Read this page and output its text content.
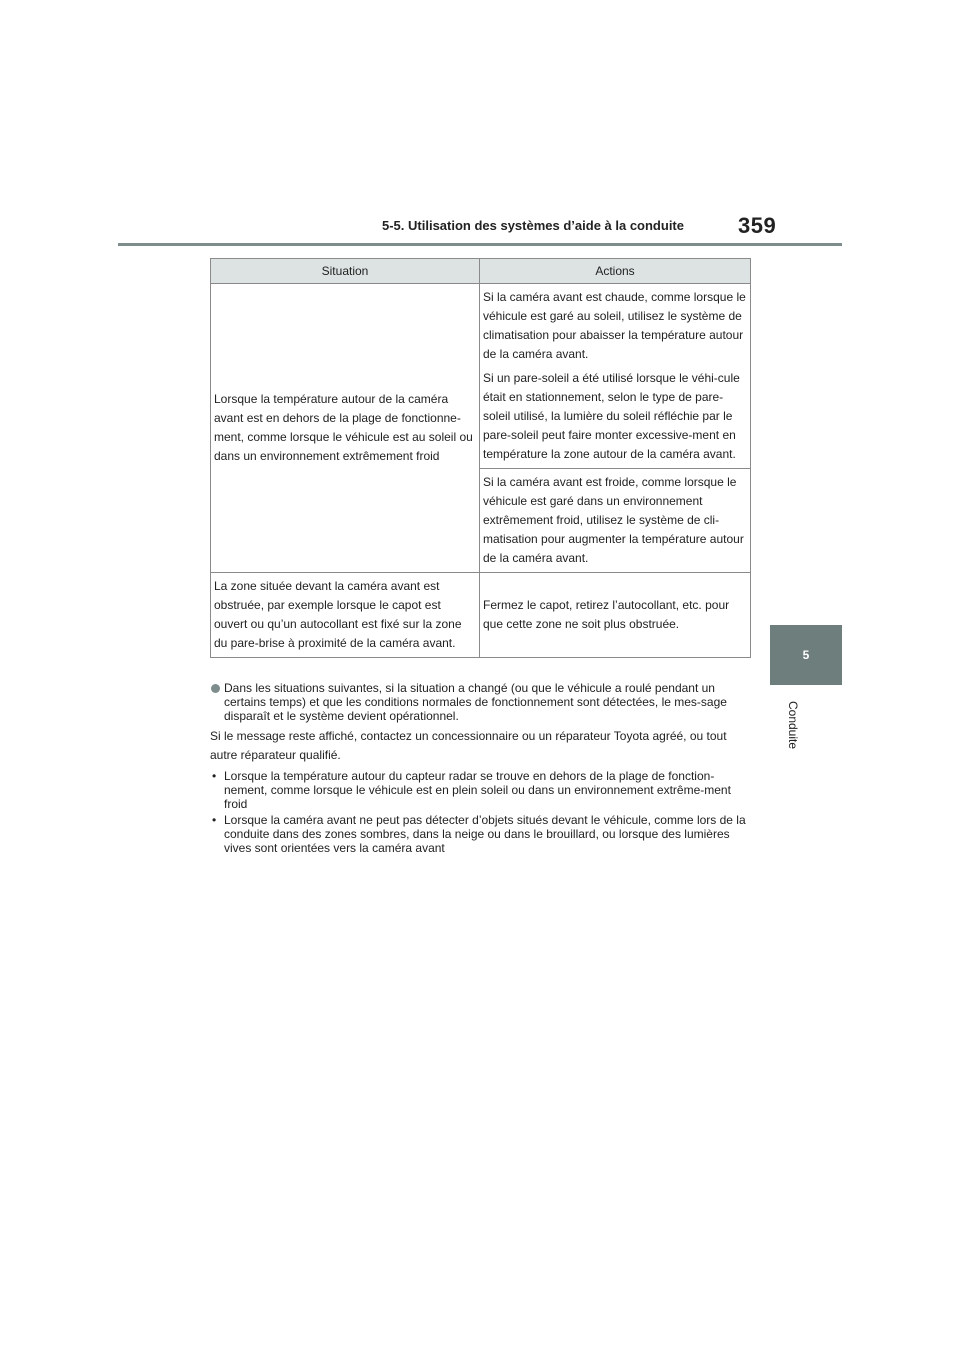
5-5. Utilisation des systèmes d’aide à la conduite 359
5
Conduite
Situation	Actions

Lorsque la température autour de la caméra avant est en dehors de la plage de fonctionne-ment, comme lorsque le véhicule est au soleil ou dans un environnement extrêmement froid	Si la caméra avant est chaude, comme lorsque le véhicule est garé au soleil, utilisez le système de climatisation pour abaisser la température autour de la caméra avant.

Si un pare-soleil a été utilisé lorsque le véhi-cule était en stationnement, selon le type de pare-soleil utilisé, la lumière du soleil réfléchie par le pare-soleil peut faire monter excessive-ment en température la zone autour de la caméra avant.

	Si la caméra avant est froide, comme lorsque le véhicule est garé dans un environnement extrêmement froid, utilisez le système de cli-matisation pour augmenter la température autour de la caméra avant.

La zone située devant la caméra avant est obstruée, par exemple lorsque le capot est ouvert ou qu’un autocollant est fixé sur la zone du pare-brise à proximité de la caméra avant.	Fermez le capot, retirez l’autocollant, etc. pour que cette zone ne soit plus obstruée.

Dans les situations suivantes, si la situation a changé (ou que le véhicule a roulé pendant un certains temps) et que les conditions normales de fonctionnement sont détectées, le mes-sage disparaît et le système devient opérationnel.
Si le message reste affiché, contactez un concessionnaire ou un réparateur Toyota agréé, ou tout autre réparateur qualifié.
• Lorsque la température autour du capteur radar se trouve en dehors de la plage de fonction-nement, comme lorsque le véhicule est en plein soleil ou dans un environnement extrême-ment froid
• Lorsque la caméra avant ne peut pas détecter d’objets situés devant le véhicule, comme lors de la conduite dans des zones sombres, dans la neige ou dans le brouillard, ou lorsque des lumières vives sont orientées vers la caméra avant
